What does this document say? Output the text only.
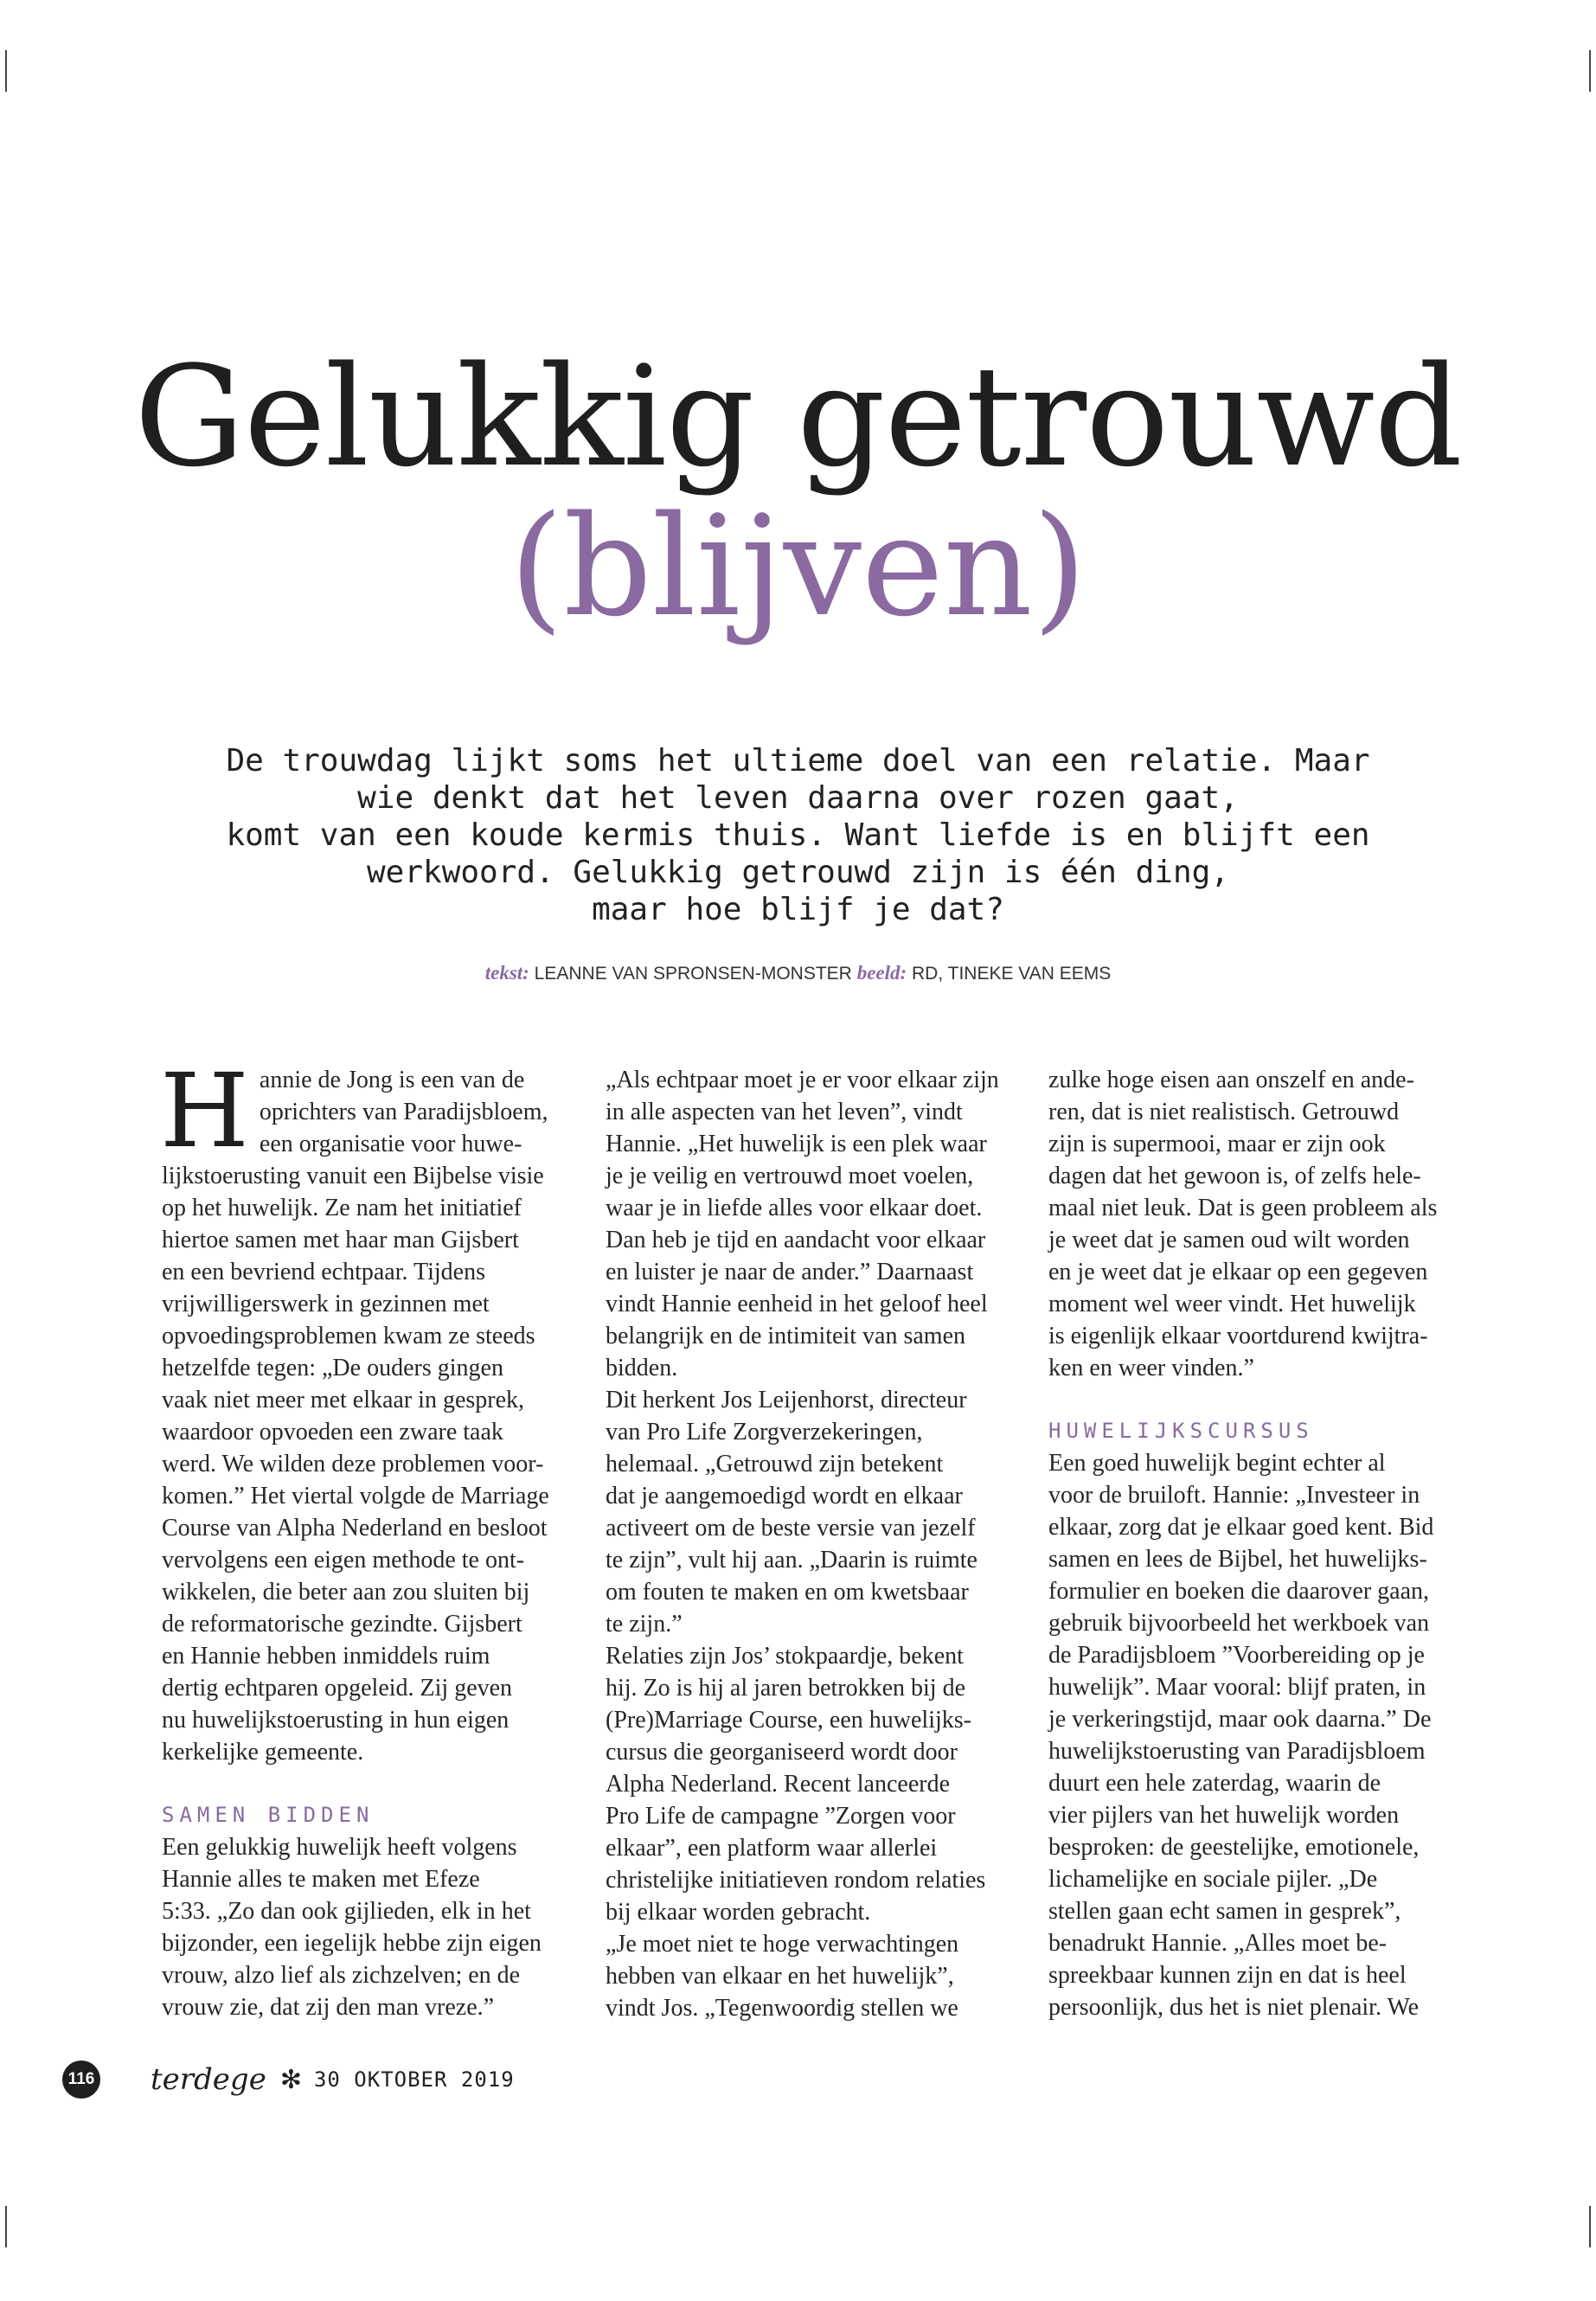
Gelukkig getrouwd
(blijven)

De trouwdag lijkt soms het ultieme doel van een relatie. Maar
wie denkt dat het leven daarna over rozen gaat,
komt van een koude kermis thuis. Want liefde is en blijft een
werkwoord. Gelukkig getrouwd zijn is één ding,
maar hoe blijf je dat?

tekst: LEANNE VAN SPRONSEN-MONSTER beeld: RD, TINEKE VAN EEMS

H annie de Jong is een van de
oprichters van Paradijsbloem,
een organisatie voor huwe-
lijkstoerusting vanuit een Bijbelse visie
op het huwelijk. Ze nam het initiatief
hiertoe samen met haar man Gijsbert
en een bevriend echtpaar. Tijdens
vrijwilligerswerk in gezinnen met
opvoedingsproblemen kwam ze steeds
hetzelfde tegen: „De ouders gingen
vaak niet meer met elkaar in gesprek,
waardoor opvoeden een zware taak
werd. We wilden deze problemen voor-
komen.” Het viertal volgde de Marriage
Course van Alpha Nederland en besloot
vervolgens een eigen methode te ont-
wikkelen, die beter aan zou sluiten bij
de reformatorische gezindte. Gijsbert
en Hannie hebben inmiddels ruim
dertig echtparen opgeleid. Zij geven
nu huwelijkstoerusting in hun eigen
kerkelijke gemeente.
SAMEN BIDDEN
Een gelukkig huwelijk heeft volgens
Hannie alles te maken met Efeze
5:33. „Zo dan ook gijlieden, elk in het
bijzonder, een iegelijk hebbe zijn eigen
vrouw, alzo lief als zichzelven; en de
vrouw zie, dat zij den man vreze.”
„Als echtpaar moet je er voor elkaar zijn
in alle aspecten van het leven”, vindt
Hannie. „Het huwelijk is een plek waar
je je veilig en vertrouwd moet voelen,
waar je in liefde alles voor elkaar doet.
Dan heb je tijd en aandacht voor elkaar
en luister je naar de ander.” Daarnaast
vindt Hannie eenheid in het geloof heel
belangrijk en de intimiteit van samen
bidden.
Dit herkent Jos Leijenhorst, directeur
van Pro Life Zorgverzekeringen,
helemaal. „Getrouwd zijn betekent
dat je aangemoedigd wordt en elkaar
activeert om de beste versie van jezelf
te zijn”, vult hij aan. „Daarin is ruimte
om fouten te maken en om kwetsbaar
te zijn.”
Relaties zijn Jos’ stokpaardje, bekent
hij. Zo is hij al jaren betrokken bij de
(Pre)Marriage Course, een huwelijks-
cursus die georganiseerd wordt door
Alpha Nederland. Recent lanceerde
Pro Life de campagne ”Zorgen voor
elkaar”, een platform waar allerlei
christelijke initiatieven rondom relaties
bij elkaar worden gebracht.
„Je moet niet te hoge verwachtingen
hebben van elkaar en het huwelijk”,
vindt Jos. „Tegenwoordig stellen we
zulke hoge eisen aan onszelf en ande-
ren, dat is niet realistisch. Getrouwd
zijn is supermooi, maar er zijn ook
dagen dat het gewoon is, of zelfs hele-
maal niet leuk. Dat is geen probleem als
je weet dat je samen oud wilt worden
en je weet dat je elkaar op een gegeven
moment wel weer vindt. Het huwelijk
is eigenlijk elkaar voortdurend kwijtra-
ken en weer vinden.”
HUWELIJKSCURSUS
Een goed huwelijk begint echter al
voor de bruiloft. Hannie: „Investeer in
elkaar, zorg dat je elkaar goed kent. Bid
samen en lees de Bijbel, het huwelijks-
formulier en boeken die daarover gaan,
gebruik bijvoorbeeld het werkboek van
de Paradijsbloem ”Voorbereiding op je
huwelijk”. Maar vooral: blijf praten, in
je verkeringstijd, maar ook daarna.” De
huwelijkstoerusting van Paradijsbloem
duurt een hele zaterdag, waarin de
vier pijlers van het huwelijk worden
besproken: de geestelijke, emotionele,
lichamelijke en sociale pijler. „De
stellen gaan echt samen in gesprek”,
benadrukt Hannie. „Alles moet be-
spreekbaar kunnen zijn en dat is heel
persoonlijk, dus het is niet plenair. We
116 terdege ✻ 30 OKTOBER 2019
